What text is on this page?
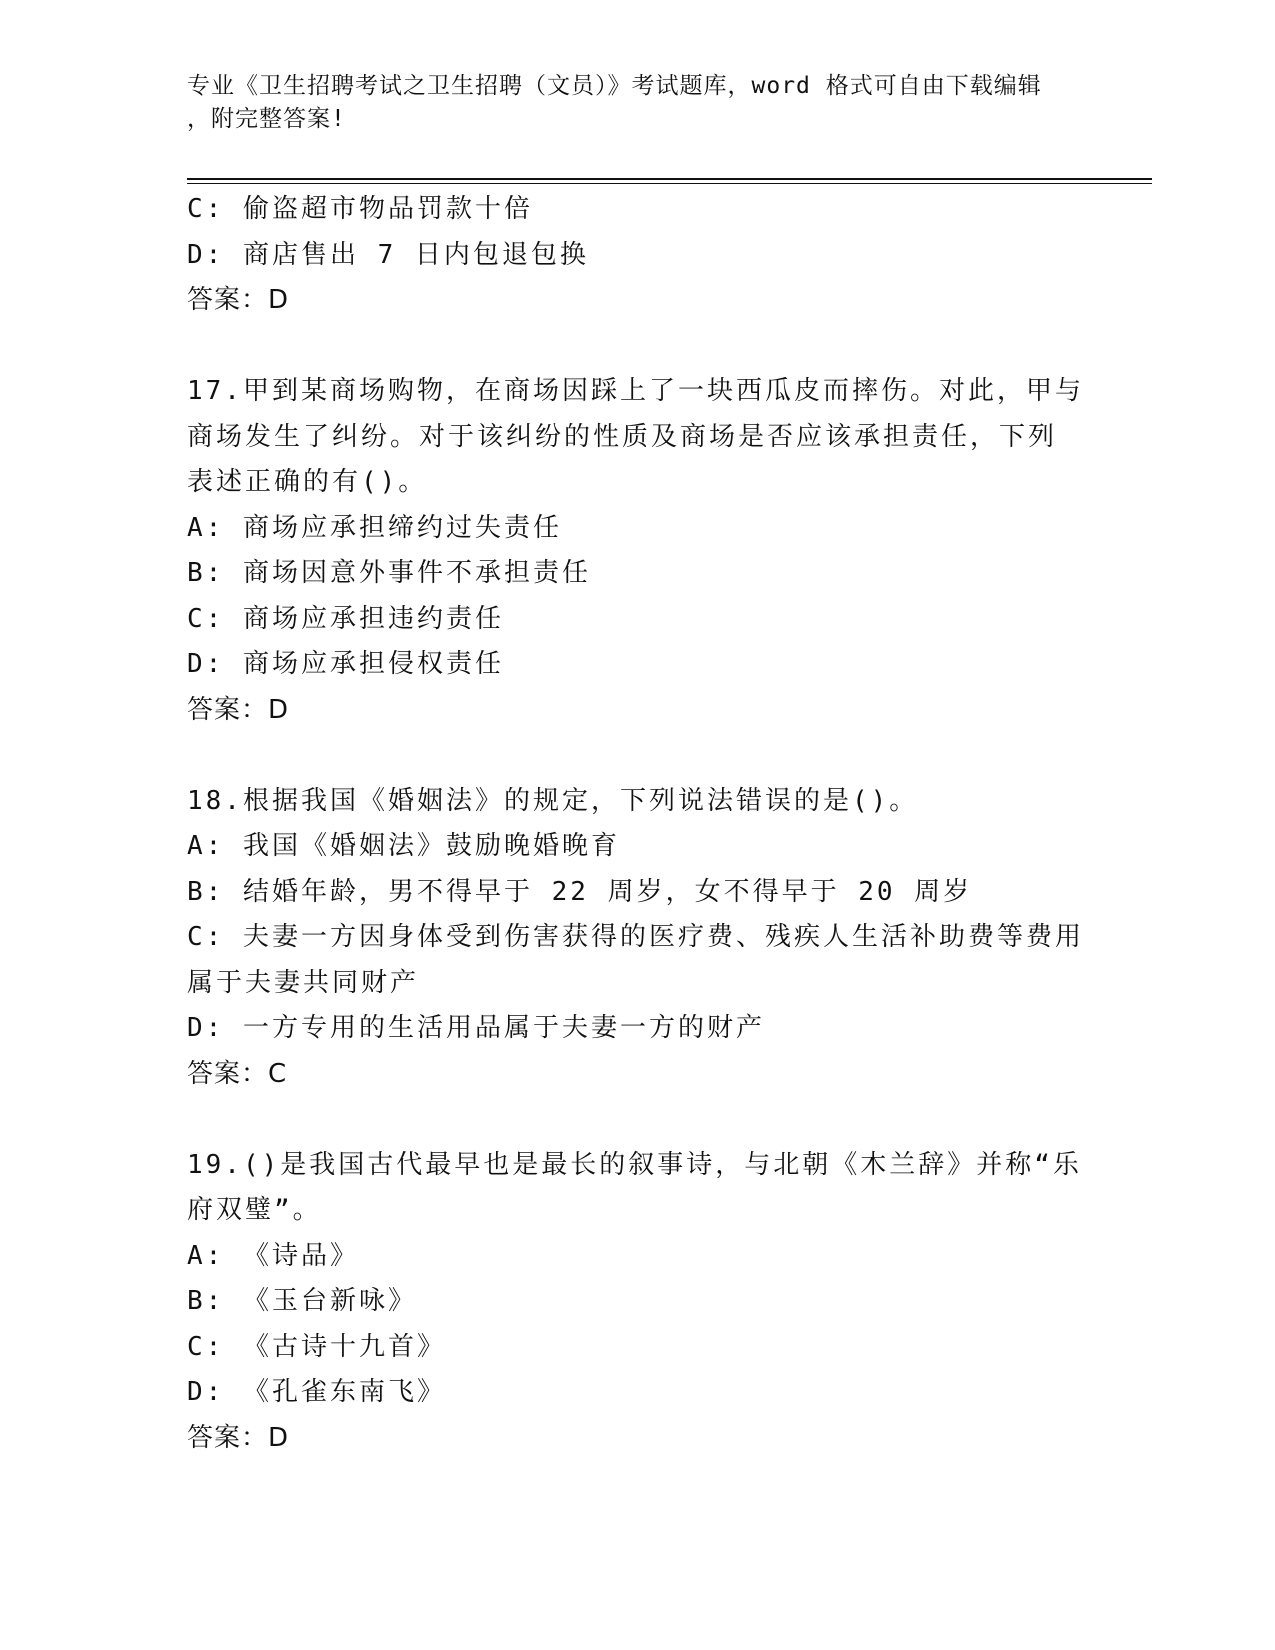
专业《卫生招聘考试之卫生招聘（文员）》考试题库，word 格式可自由下载编辑
，附完整答案!
C: 偷盗超市物品罚款十倍
D: 商店售出 7 日内包退包换
答案：D
17.甲到某商场购物，在商场因踩上了一块西瓜皮而摔伤。对此，甲与
商场发生了纠纷。对于该纠纷的性质及商场是否应该承担责任，下列
表述正确的有()。
A: 商场应承担缔约过失责任
B: 商场因意外事件不承担责任
C: 商场应承担违约责任
D: 商场应承担侵权责任
答案：D
18.根据我国《婚姻法》的规定，下列说法错误的是()。
A: 我国《婚姻法》鼓励晚婚晚育
B: 结婚年龄，男不得早于 22 周岁，女不得早于 20 周岁
C: 夫妻一方因身体受到伤害获得的医疗费、残疾人生活补助费等费用
属于夫妻共同财产
D: 一方专用的生活用品属于夫妻一方的财产
答案：C
19.()是我国古代最早也是最长的叙事诗，与北朝《木兰辞》并称“乐
府双璧”。
A: 《诗品》
B: 《玉台新咏》
C: 《古诗十九首》
D: 《孔雀东南飞》
答案：D
